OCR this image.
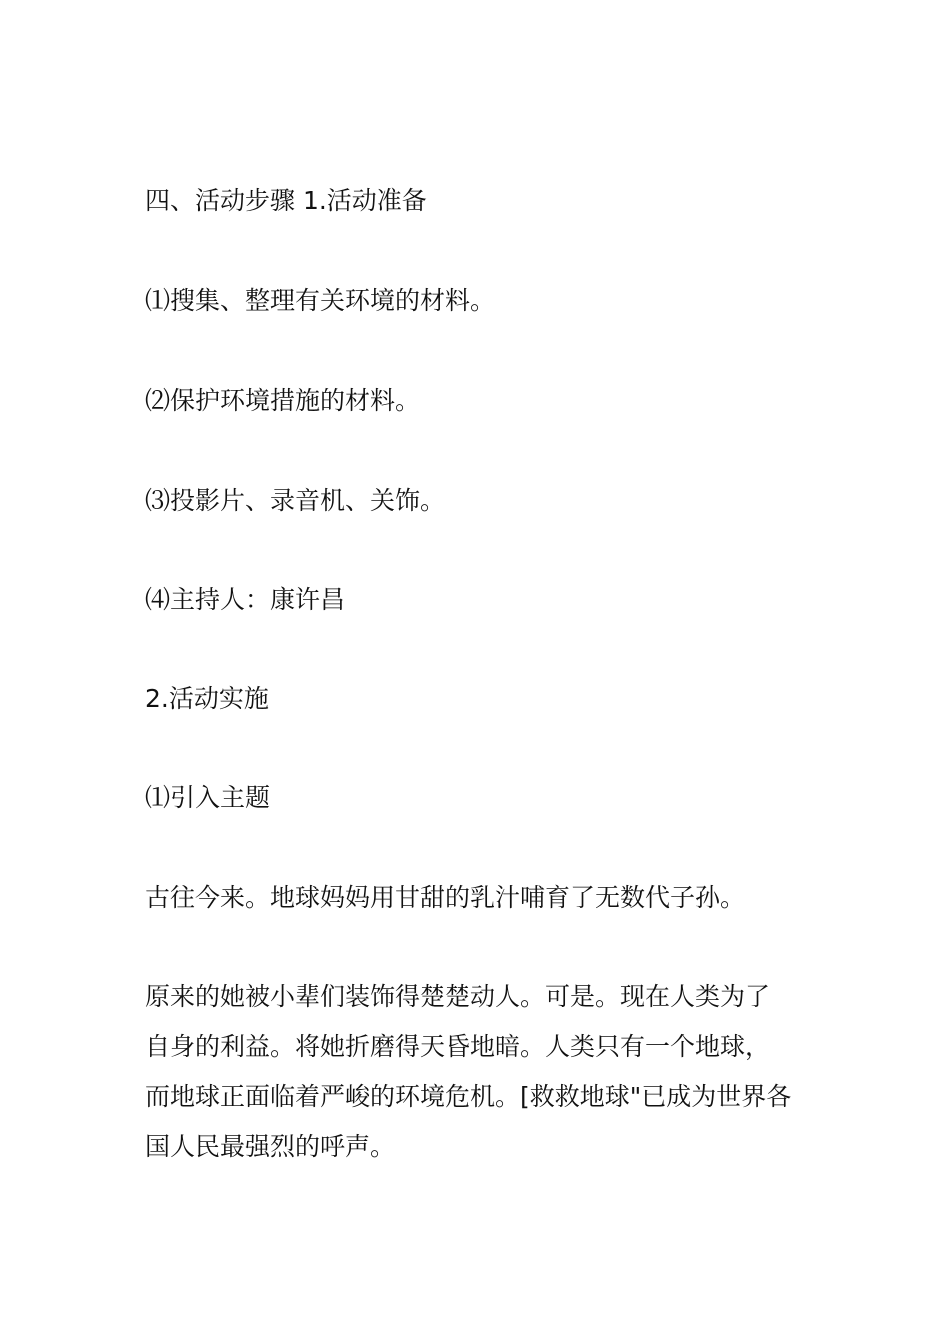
四、活动步骤 1.活动准备

⑴搜集、整理有关环境的材料。

⑵保护环境措施的材料。

⑶投影片、录音机、关饰。

⑷主持人：康许昌

2.活动实施

⑴引入主题

古往今来。地球妈妈用甘甜的乳汁哺育了无数代子孙。

原来的她被小辈们装饰得楚楚动人。可是。现在人类为了
自身的利益。将她折磨得天昏地暗。人类只有一个地球，
而地球正面临着严峻的环境危机。[救救地球"已成为世界各
国人民最强烈的呼声。
